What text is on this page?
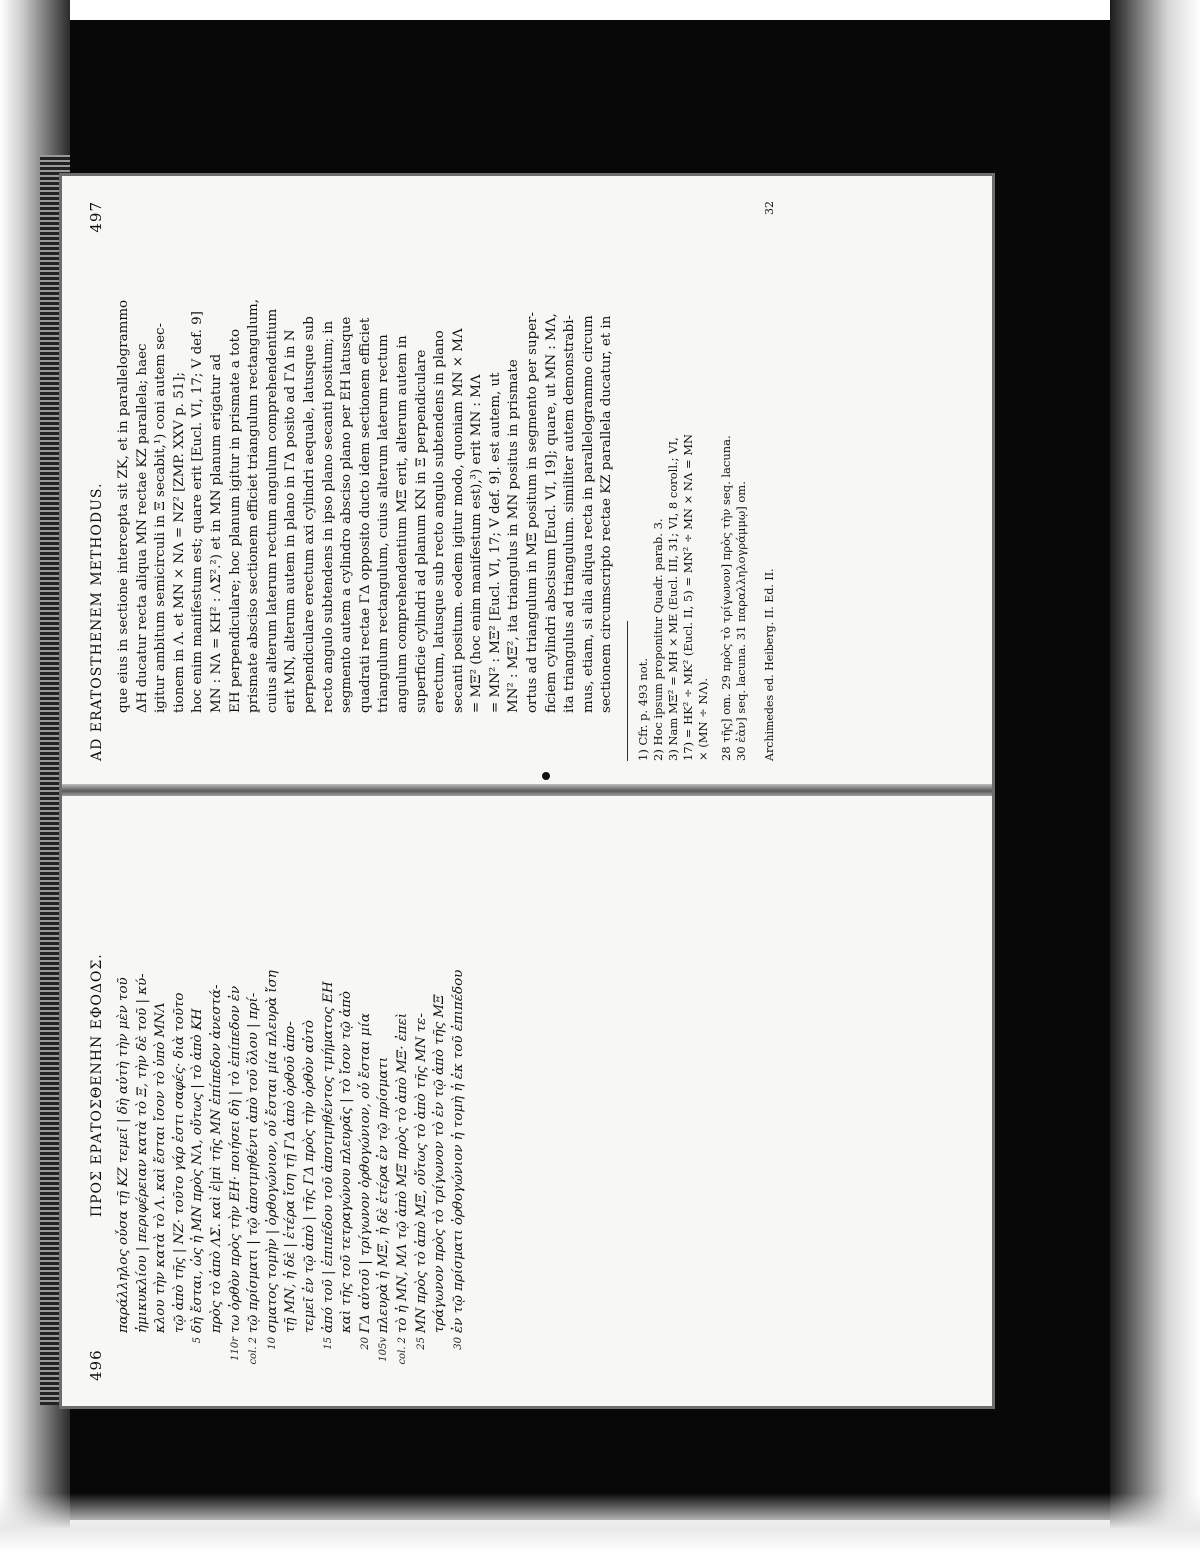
AD ERATOSTHENEM METHODUS.
497
que eius in sectione intercepta sit ZK, et in parallelogrammo ΔH ducatur recta aliqua MN rectae KZ parallela; haec igitur ambitum semicirculi in Ξ secabit,¹) coni autem sec- tionem in Λ. et MN × NΛ = NZ² [ZMP. XXV p. 51]; hoc enim manifestum est; quare erit [Eucl. VI, 17; V def. 9] MN : NΛ = KH² : ΛΣ².²) et in MN planum erigatur ad EH perpendiculare; hoc planum igitur in prismate a toto prismate absciso sectionem efficiet triangulum rectangulum, cuius alterum laterum rectum angulum comprehendentium erit MN, alterum autem in plano in ΓΔ posito ad ΓΔ in N perpendiculare erectum axi cylindri aequale, latusque sub recto angulo subtendens in ipso plano secanti positum; in segmento autem a cylindro absciso plano per EH latusque quadrati rectae ΓΔ opposito ducto idem sectionem efficiet triangulum rectangulum, cuius alterum laterum rectum angulum comprehendentium MΞ erit, alterum autem in superficie cylindri ad planum KN in Ξ perpendiculare erectum, latusque sub recto angulo subtendens in plano secanti positum. eodem igitur modo, quoniam MN × MΛ = MΞ² (hoc enim manifestum est),³) erit MN : MΛ = MN² : MΞ² [Eucl. VI, 17; V def. 9]. est autem, ut MN² : MΞ², ita triangulus in MN positus in prismate ortus ad triangulum in MΞ positum in segmento per super- ficiem cylindri abscisum [Eucl. VI, 19]; quare, ut MN : MΛ, ita triangulus ad triangulum. similiter autem demonstrabi- mus, etiam, si alia aliqua recta in parallelogrammo circum sectionem circumscripto rectae KZ parallela ducatur, et in 1) Cfr. p. 493 not. 2) Hoc ipsum proponitur Quadr. parab. 3. 3) Nam MΞ² = MH × ME (Eucl. III, 31; VI, 8 coroll.; VI, 17) = HK² ÷ MK² (Eucl. II, 5) = MN² ÷ MN × NΛ = MN × (MN ÷ NΛ). 28 τῆς] om. 29 πρὸς τὸ τρίγωνον] πρὸς τὴν seq. lacuna. 30 ἐὰν] seq. lacuna. 31 παραλληλογράμμῳ] om. Archimedes ed. Heiberg. II. Ed. II.
32
496
ΠΡΟΣ ΕΡΑΤΟΣΘΕΝΗΝ ΕΦΟΔΟΣ. παράλληλος οὖσα τῇ ΚΖ τεμεῖ | δὴ αὐτὴ τὴν μὲν τοῦ ἡμικυκλίου | περιφέρειαν κατὰ τὸ Ξ, τὴν δὲ τοῦ | κύ- κλου τὴν κατὰ τὸ Λ. καὶ ἔσται ἴσον τὸ ὑπὸ ΜΝΛ τῷ ἀπὸ τῆς | ΝΖ· τοῦτο γάρ ἐστι σαφές· διὰ τοῦτο
5
δὴ ἔσται, ὡς ἡ ΜΝ πρὸς ΝΛ, οὕτως | τὸ ἀπὸ ΚΗ πρὸς τὸ ἀπὸ ΛΣ. καὶ ἐ|πὶ τῆς ΜΝ ἐπίπεδον ἀνεστά-
110r
τω ὀρθὸν πρὸς τὴν ΕΗ· ποιήσει δὴ | τὸ ἐπίπεδον ἐν
col. 2
τῷ πρίσματι | τῷ ἀποτμηθέντι ἀπὸ τοῦ ὅλου | πρί-
10
σματος τομὴν | ὀρθογώνιον, οὗ ἔσται μία πλευρὰ ἴση τῇ ΜΝ, ἡ δὲ | ἑτέρα ἴση τῇ ΓΔ ἀπὸ ὀρθοῦ ἀπο- τεμεῖ ἐν τῷ ἀπὸ | τῆς ΓΔ πρὸς τὴν ὀρθὸν αὐτὸ
15
ἀπό τοῦ | ἐπιπέδου τοῦ ἀποτμηθέντος τμήματος ΕΗ καὶ τῆς τοῦ τετραγώνου πλευρᾶς | τὸ ἴσον τῷ ἀπὸ
20
ΓΔ αὐτοῦ | τρίγωνον ὀρθογώνιον, οὗ ἔσται μία
105v
πλευρὰ ἡ ΜΞ, ἡ δὲ ἑτέρα ἐν τῷ πρίσματι
col. 2
τὸ ἡ ΜΝ, ΜΛ τῷ ἀπὸ ΜΞ πρὸς τὸ ἀπὸ ΜΞ· ἐπεὶ
25
ΜΝ πρὸς τὸ ἀπὸ ΜΞ, οὕτως τὸ ἀπὸ τῆς ΜΝ τε- τράγωνον πρὸς τὸ τρίγωνον τὸ ἐν τῷ ἀπὸ τῆς ΜΞ
30
ἐν τῷ πρίσματι ὀρθογώνιον ἡ τομὴ ἡ ἐκ τοῦ ἐπιπέδου
